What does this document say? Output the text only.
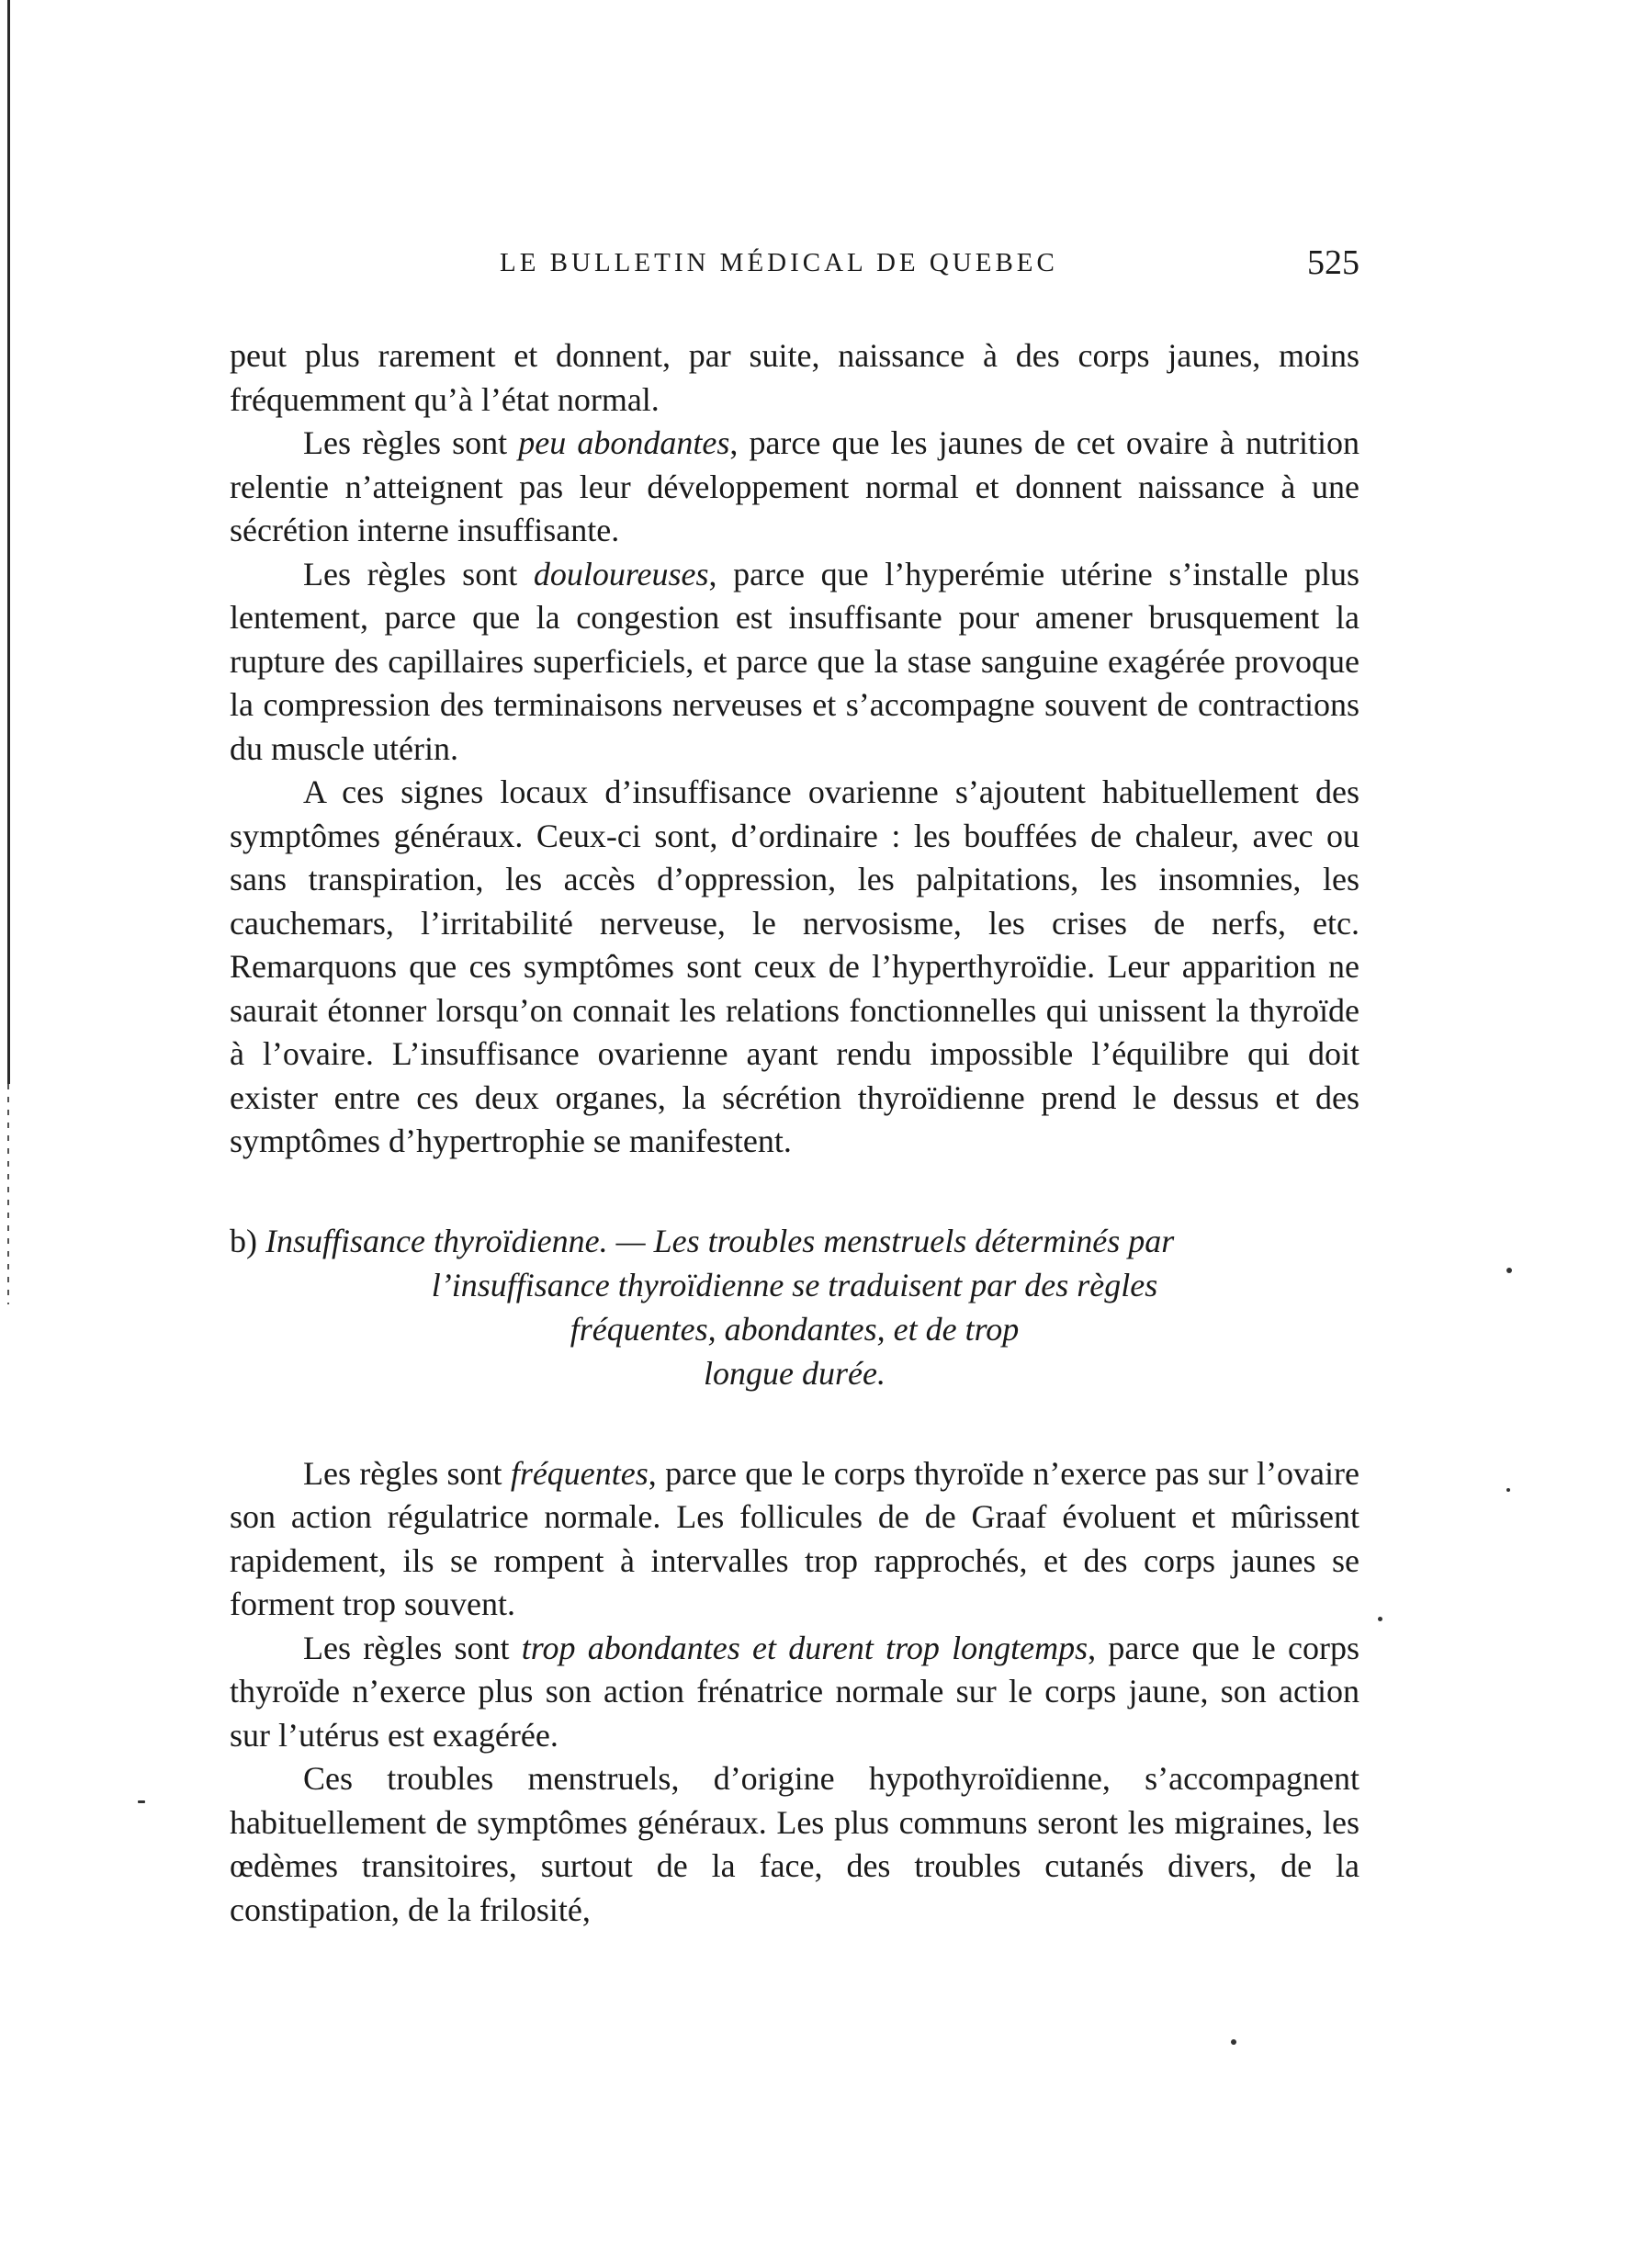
LE BULLETIN MÉDICAL DE QUEBEC	525

peut plus rarement et donnent, par suite, naissance à des corps jaunes, moins fréquemment qu’à l’état normal.

Les règles sont peu abondantes, parce que les jaunes de cet ovaire à nutrition relentie n’atteignent pas leur développement normal et donnent naissance à une sécrétion interne insuffisante.

Les règles sont douloureuses, parce que l’hyperémie utérine s’installe plus lentement, parce que la congestion est insuffisante pour amener brusquement la rupture des capillaires superficiels, et parce que la stase sanguine exagérée provoque la compression des terminaisons nerveuses et s’accompagne souvent de contractions du muscle utérin.

A ces signes locaux d’insuffisance ovarienne s’ajoutent habituellement des symptômes généraux. Ceux-ci sont, d’ordinaire : les bouffées de chaleur, avec ou sans transpiration, les accès d’oppression, les palpitations, les insomnies, les cauchemars, l’irritabilité nerveuse, le nervosisme, les crises de nerfs, etc. Remarquons que ces symptômes sont ceux de l’hyperthyroïdie. Leur apparition ne saurait étonner lorsqu’on connait les relations fonctionnelles qui unissent la thyroïde à l’ovaire. L’insuffisance ovarienne ayant rendu impossible l’équilibre qui doit exister entre ces deux organes, la sécrétion thyroïdienne prend le dessus et des symptômes d’hypertrophie se manifestent.

b) Insuffisance thyroïdienne. — Les troubles menstruels déterminés par
l’insuffisance thyroïdienne se traduisent par des règles
fréquentes, abondantes, et de trop
longue durée.

Les règles sont fréquentes, parce que le corps thyroïde n’exerce pas sur l’ovaire son action régulatrice normale. Les follicules de de Graaf évoluent et mûrissent rapidement, ils se rompent à intervalles trop rapprochés, et des corps jaunes se forment trop souvent.

Les règles sont trop abondantes et durent trop longtemps, parce que le corps thyroïde n’exerce plus son action frénatrice normale sur le corps jaune, son action sur l’utérus est exagérée.

Ces troubles menstruels, d’origine hypothyroïdienne, s’accompagnent habituellement de symptômes généraux. Les plus communs seront les migraines, les œdèmes transitoires, surtout de la face, des troubles cutanés divers, de la constipation, de la frilosité,
